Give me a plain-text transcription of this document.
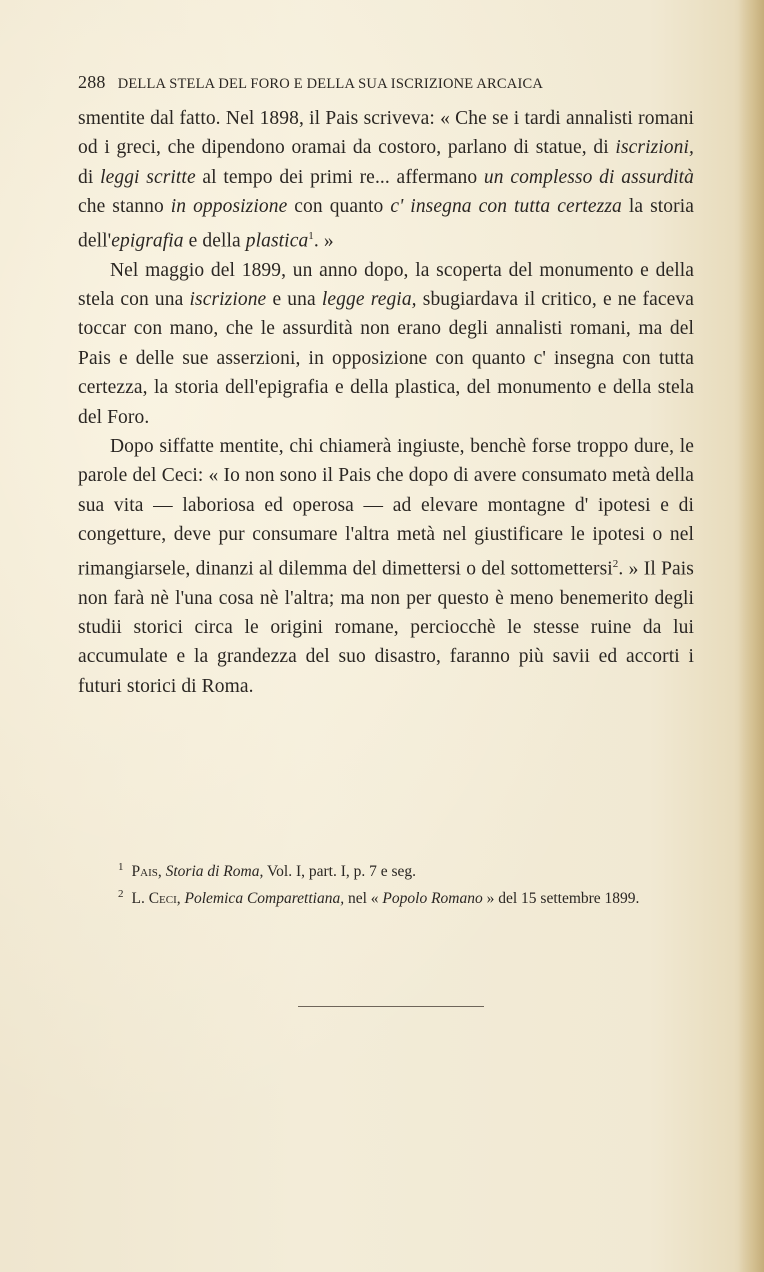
288 DELLA STELA DEL FORO E DELLA SUA ISCRIZIONE ARCAICA

smentite dal fatto. Nel 1898, il Pais scriveva: « Che se i tardi annalisti romani od i greci, che dipendono oramai da costoro, parlano di statue, di iscrizioni, di leggi scritte al tempo dei primi re... affermano un complesso di assurdità che stanno in opposizione con quanto c' insegna con tutta certezza la storia dell'epigrafia e della plastica$^1$. »

Nel maggio del 1899, un anno dopo, la scoperta del monumento e della stela con una iscrizione e una legge regia, sbugiardava il critico, e ne faceva toccar con mano, che le assurdità non erano degli annalisti romani, ma del Pais e delle sue asserzioni, in opposizione con quanto c' insegna con tutta certezza, la storia dell'epigrafia e della plastica, del monumento e della stela del Foro.

Dopo siffatte mentite, chi chiamerà ingiuste, benchè forse troppo dure, le parole del Ceci: « Io non sono il Pais che dopo di avere consumato metà della sua vita — laboriosa ed operosa — ad elevare montagne d' ipotesi e di congetture, deve pur consumare l'altra metà nel giustificare le ipotesi o nel rimangiarsele, dinanzi al dilemma del dimettersi o del sottomettersi$^2$. » Il Pais non farà nè l'una cosa nè l'altra; ma non per questo è meno benemerito degli studii storici circa le origini romane, perciocchè le stesse ruine da lui accumulate e la grandezza del suo disastro, faranno più savii ed accorti i futuri storici di Roma.

$^1$ Pais, Storia di Roma, Vol. I, part. I, p. 7 e seg.

$^2$ L. Ceci, Polemica Comparettiana, nel « Popolo Romano » del 15 settembre 1899.
